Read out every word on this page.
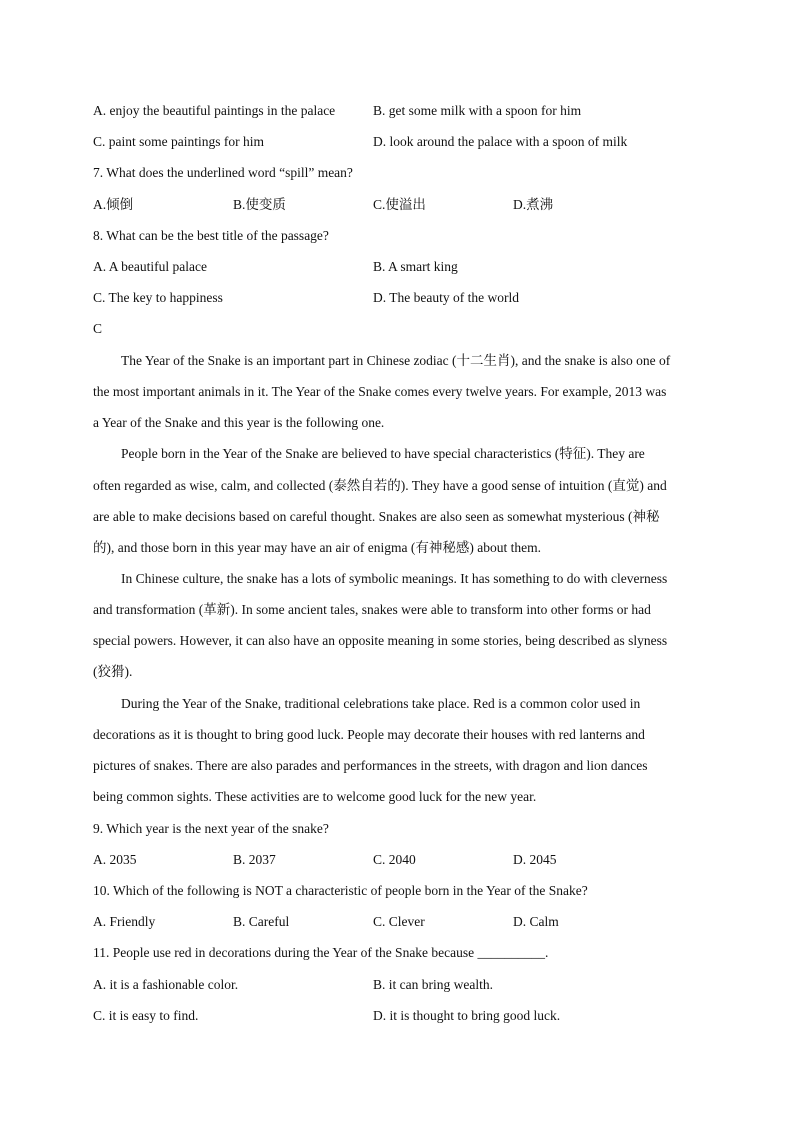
A. enjoy the beautiful paintings in the palace	B. get some milk with a spoon for him
C. paint some paintings for him	D. look around the palace with a spoon of milk
7. What does the underlined word “spill” mean?
A.倾倒	B.使变质	C.使溢出	D.煮沸
8. What can be the best title of the passage?
A. A beautiful palace	B. A smart king
C. The key to happiness	D. The beauty of the world
C
The Year of the Snake is an important part in Chinese zodiac (十二生肖), and the snake is also one of
the most important animals in it. The Year of the Snake comes every twelve years. For example, 2013 was
a Year of the Snake and this year is the following one.
People born in the Year of the Snake are believed to have special characteristics (特征). They are
often regarded as wise, calm, and collected (泰然自若的). They have a good sense of intuition (直觉) and
are able to make decisions based on careful thought. Snakes are also seen as somewhat mysterious (神秘
的), and those born in this year may have an air of enigma (有神秘感) about them.
In Chinese culture, the snake has a lots of symbolic meanings. It has something to do with cleverness
and transformation (革新). In some ancient tales, snakes were able to transform into other forms or had
special powers. However, it can also have an opposite meaning in some stories, being described as slyness
(狡猾).
During the Year of the Snake, traditional celebrations take place. Red is a common color used in
decorations as it is thought to bring good luck. People may decorate their houses with red lanterns and
pictures of snakes. There are also parades and performances in the streets, with dragon and lion dances
being common sights. These activities are to welcome good luck for the new year.
9. Which year is the next year of the snake?
A. 2035	B. 2037	C. 2040	D. 2045
10. Which of the following is NOT a characteristic of people born in the Year of the Snake?
A. Friendly	B. Careful	C. Clever	D. Calm
11. People use red in decorations during the Year of the Snake because __________.
A. it is a fashionable color.	B. it can bring wealth.
C. it is easy to find.	D. it is thought to bring good luck.
